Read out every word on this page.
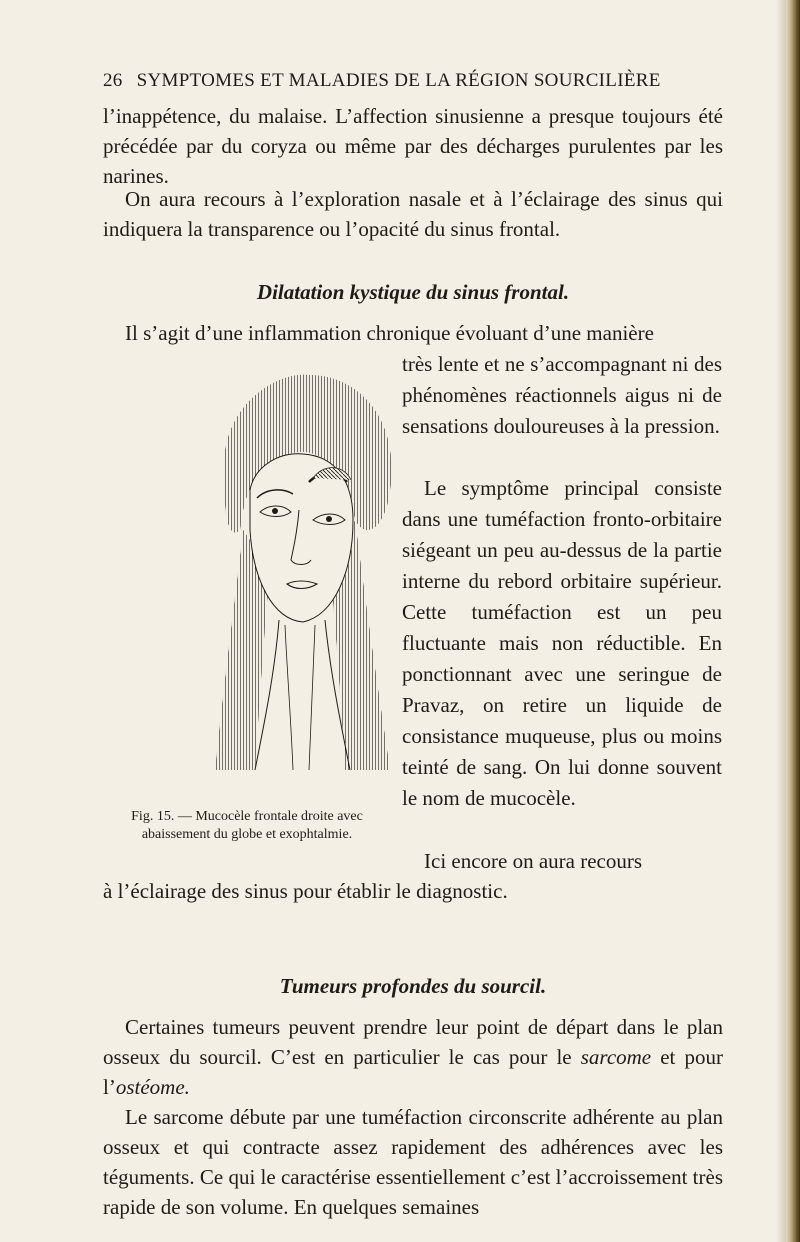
26 SYMPTOMES ET MALADIES DE LA RÉGION SOURCILIÈRE

l’inappétence, du malaise. L’affection sinusienne a presque toujours été précédée par du coryza ou même par des décharges purulentes par les narines.

On aura recours à l’exploration nasale et à l’éclairage des sinus qui indiquera la transparence ou l’opacité du sinus frontal.

Dilatation kystique du sinus frontal.

Il s’agit d’une inflammation chronique évoluant d’une manière

très lente et ne s’accompagnant ni des phénomènes réactionnels aigus ni de sensations douloureuses à la pression.

Le symptôme principal consiste dans une tuméfaction fronto-orbitaire siégeant un peu au-dessus de la partie interne du rebord orbitaire supérieur. Cette tuméfaction est un peu fluctuante mais non réductible. En ponctionnant avec une seringue de Pravaz, on retire un liquide de consistance muqueuse, plus ou moins teinté de sang. On lui donne souvent le nom de mucocèle.

Fig. 15. — Mucocèle frontale droite avec abaissement du globe et exophtalmie.

Ici encore on aura recours

à l’éclairage des sinus pour établir le diagnostic.

Tumeurs profondes du sourcil.

Certaines tumeurs peuvent prendre leur point de départ dans le plan osseux du sourcil. C’est en particulier le cas pour le sarcome et pour l’ostéome.

Le sarcome débute par une tuméfaction circonscrite adhérente au plan osseux et qui contracte assez rapidement des adhérences avec les téguments. Ce qui le caractérise essentiellement c’est l’accroissement très rapide de son volume. En quelques semaines
